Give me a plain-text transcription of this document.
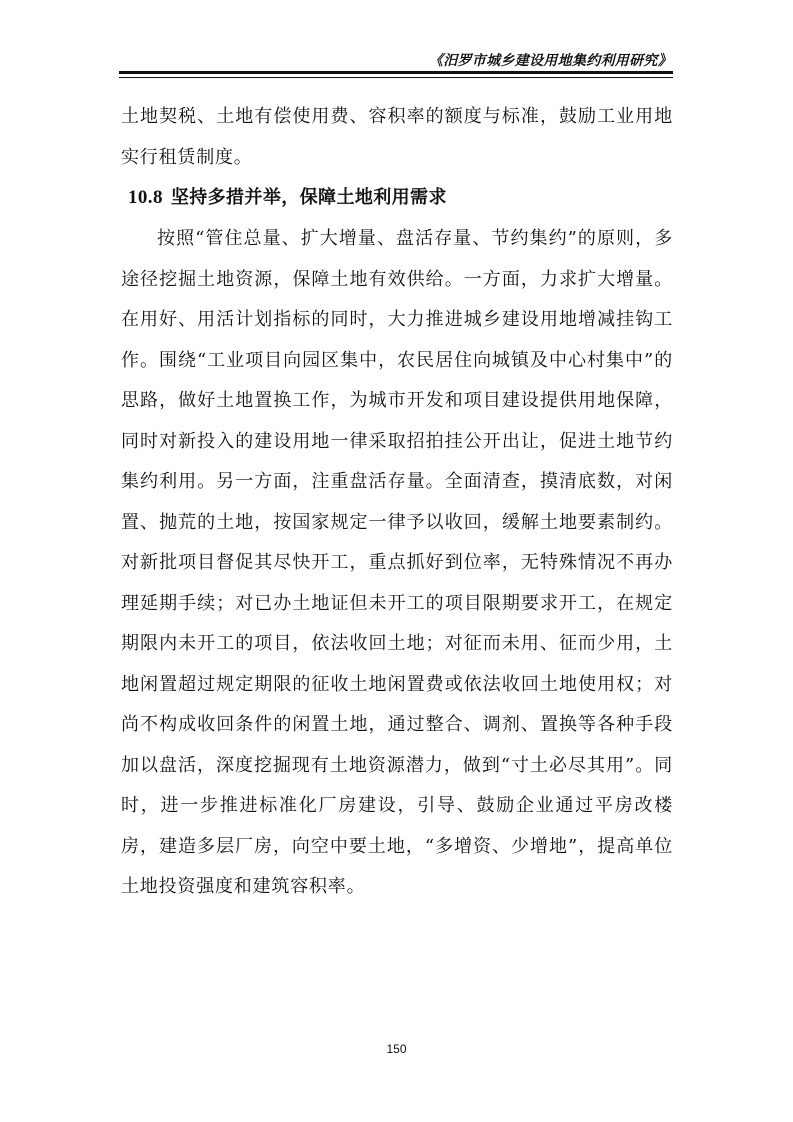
《汨罗市城乡建设用地集约利用研究》

土地契税、土地有偿使用费、容积率的额度与标准，鼓励工业用地实行租赁制度。

10.8 坚持多措并举，保障土地利用需求

按照“管住总量、扩大增量、盘活存量、节约集约”的原则，多途径挖掘土地资源，保障土地有效供给。一方面，力求扩大增量。在用好、用活计划指标的同时，大力推进城乡建设用地增减挂钩工作。围绕“工业项目向园区集中，农民居住向城镇及中心村集中”的思路，做好土地置换工作，为城市开发和项目建设提供用地保障，同时对新投入的建设用地一律采取招拍挂公开出让，促进土地节约集约利用。另一方面，注重盘活存量。全面清查，摸清底数，对闲置、抛荒的土地，按国家规定一律予以收回，缓解土地要素制约。对新批项目督促其尽快开工，重点抓好到位率，无特殊情况不再办理延期手续；对已办土地证但未开工的项目限期要求开工，在规定期限内未开工的项目，依法收回土地；对征而未用、征而少用，土地闲置超过规定期限的征收土地闲置费或依法收回土地使用权；对尚不构成收回条件的闲置土地，通过整合、调剂、置换等各种手段加以盘活，深度挖掘现有土地资源潜力，做到“寸土必尽其用”。同时，进一步推进标准化厂房建设，引导、鼓励企业通过平房改楼房，建造多层厂房，向空中要土地，“多增资、少增地”，提高单位土地投资强度和建筑容积率。

150
